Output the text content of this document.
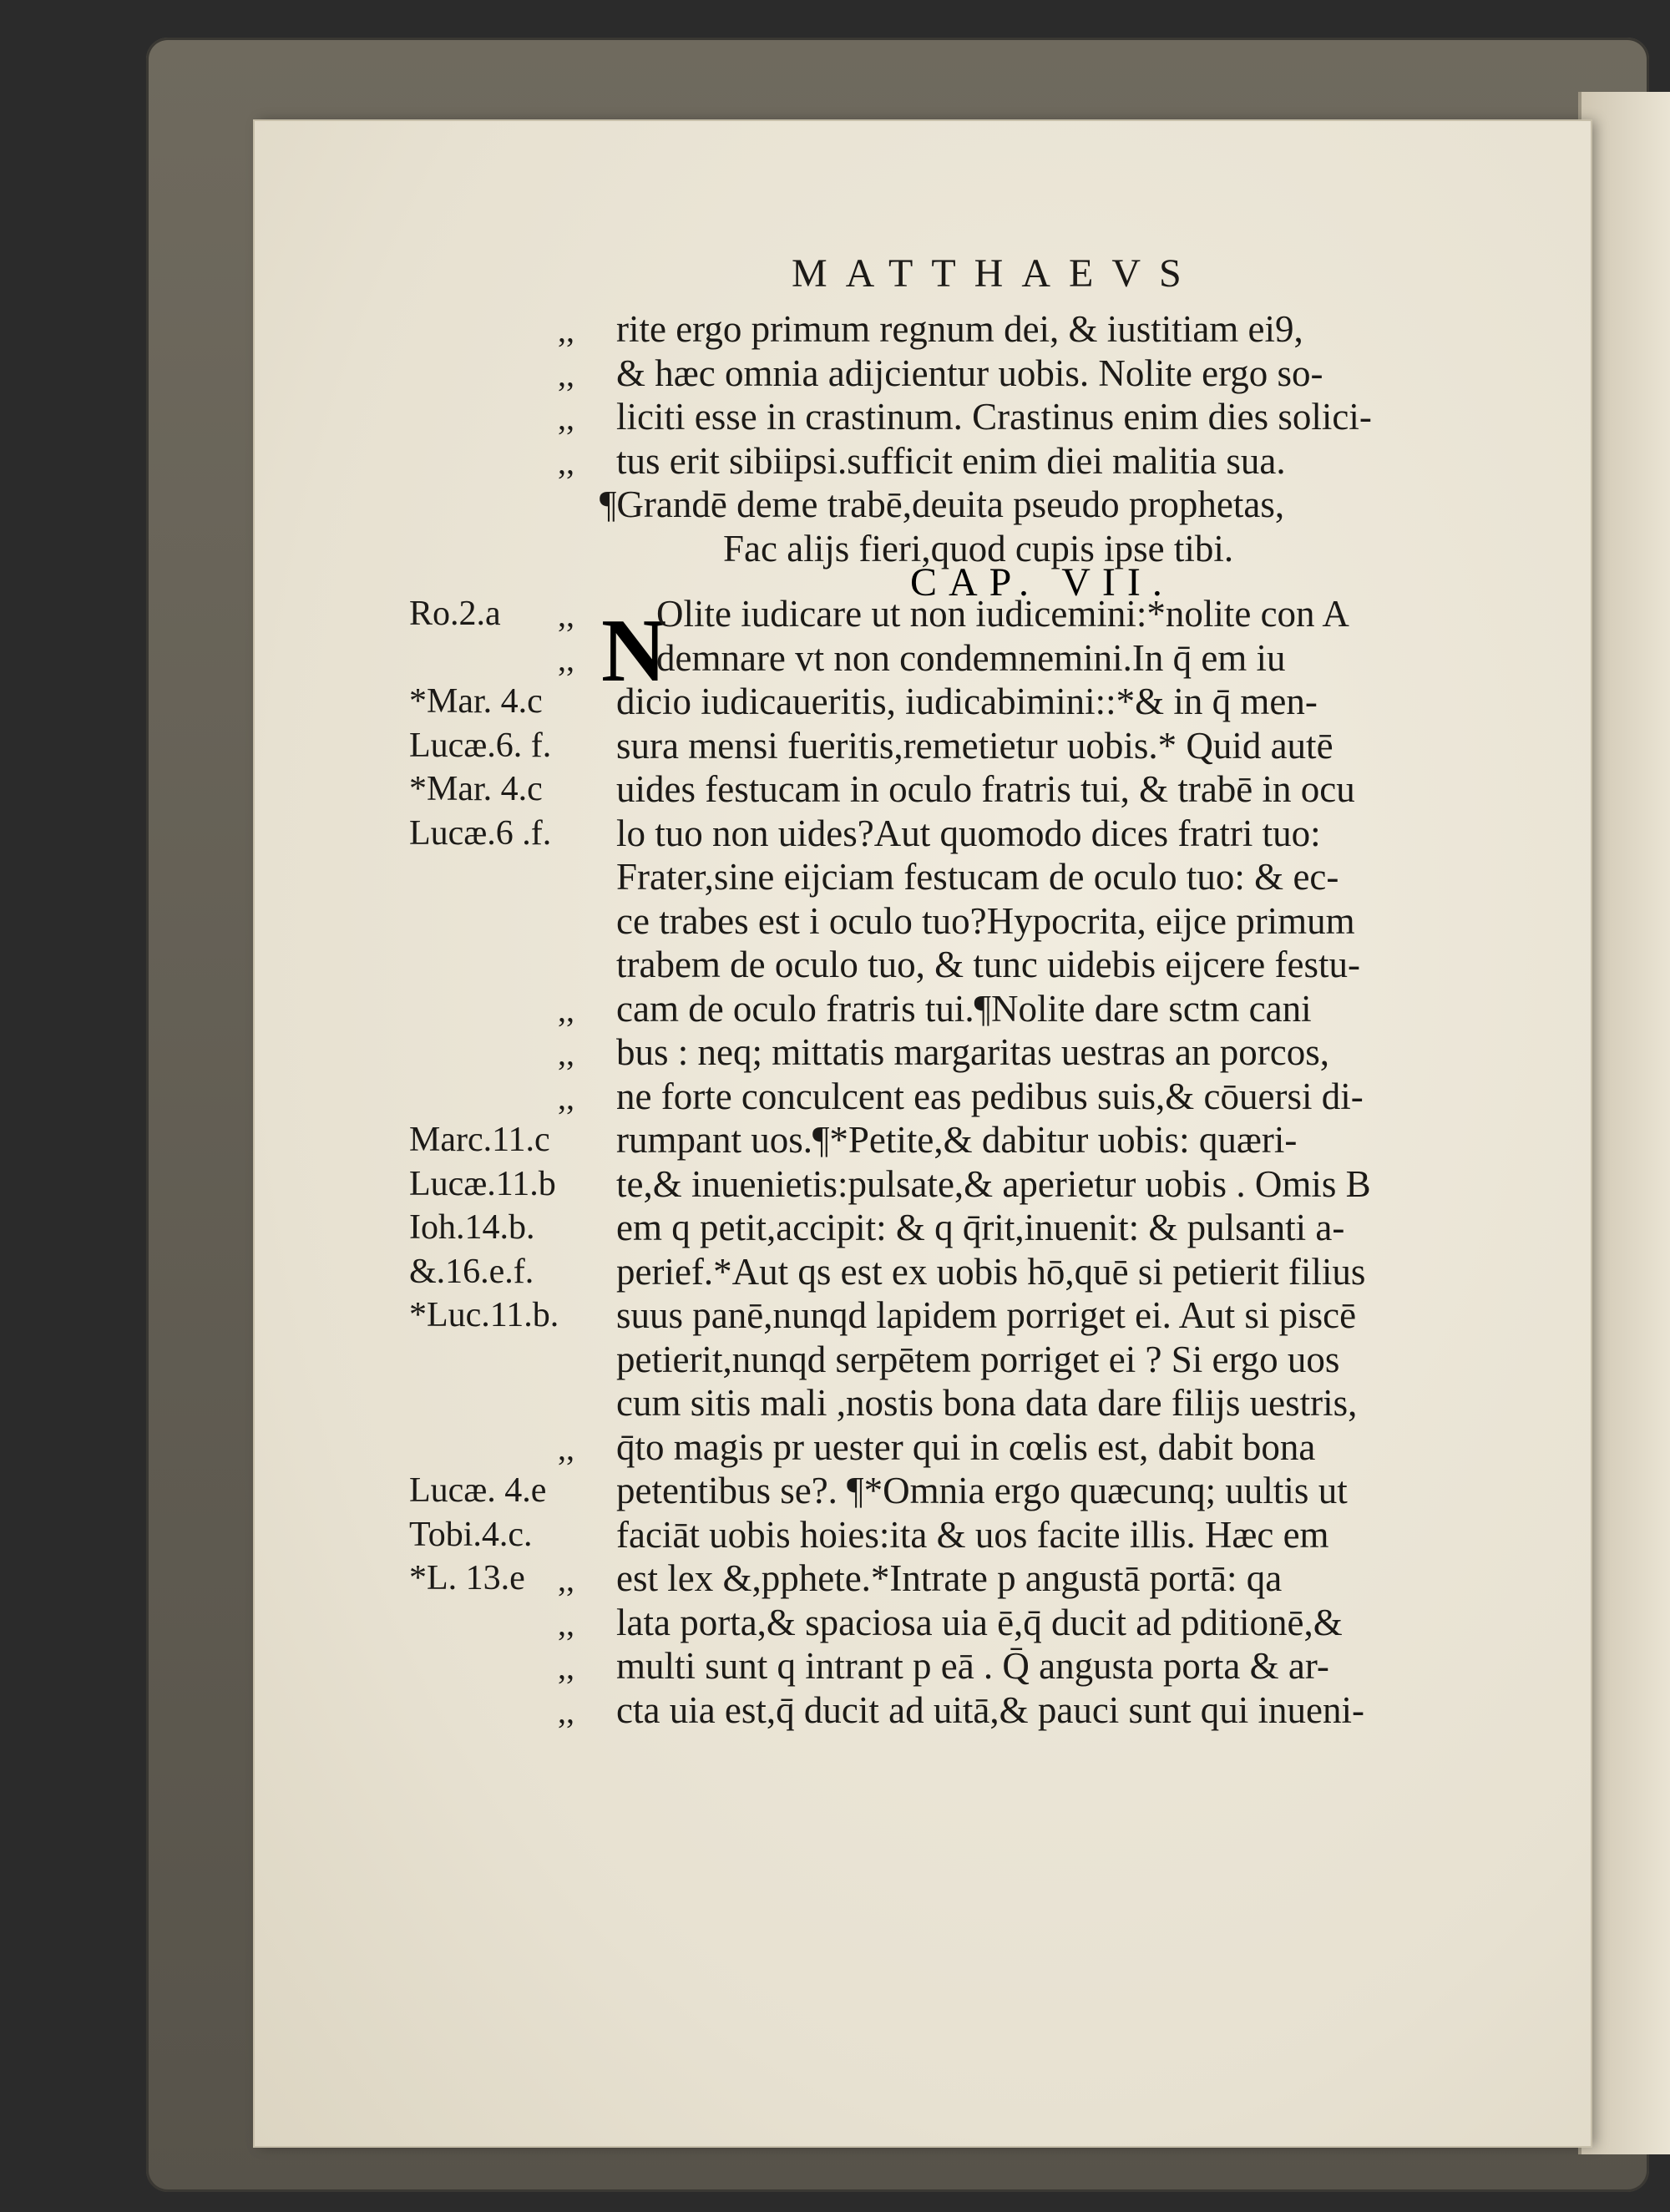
MATTHAEVS
CAP. VII.
N
rite ergo primum regnum dei, & iustitiam ei9,
,,
& hæc omnia adijcientur uobis. Nolite ergo so-
,,
liciti esse in crastinum. Crastinus enim dies solici-
,,
tus erit sibiipsi.sufficit enim diei malitia sua.
,,
¶Grandē deme trabē,deuita pseudo prophetas,
Fac alijs fieri,quod cupis ipse tibi.
Olite iudicare ut non iudicemini:*nolite con A
,,
Ro.2.a
demnare vt non condemnemini.In q̄ em iu
,,
dicio iudicaueritis, iudicabimini::*& in q̄ men-
*Mar. 4.c
sura mensi fueritis,remetietur uobis.* Quid autē
Lucæ.6. f.
uides festucam in oculo fratris tui, & trabē in ocu
*Mar. 4.c
lo tuo non uides?Aut quomodo dices fratri tuo:
Lucæ.6 .f.
Frater,sine eijciam festucam de oculo tuo: & ec-
ce trabes est i oculo tuo?Hypocrita, eijce primum
trabem de oculo tuo, & tunc uidebis eijcere festu-
cam de oculo fratris tui.¶Nolite dare sctm cani
,,
bus : neq; mittatis margaritas uestras an porcos,
,,
ne forte conculcent eas pedibus suis,& cōuersi di-
,,
rumpant uos.¶*Petite,& dabitur uobis: quæri-
Marc.11.c
te,& inuenietis:pulsate,& aperietur uobis . Omis B
Lucæ.11.b
em q petit,accipit: & q q̄rit,inuenit: & pulsanti a-
Ioh.14.b.
perief.*Aut qs est ex uobis hō,quē si petierit filius
&.16.e.f.
suus panē,nunqd lapidem porriget ei. Aut si piscē
*Luc.11.b.
petierit,nunqd serpētem porriget ei ? Si ergo uos
cum sitis mali ,nostis bona data dare filijs uestris,
q̄to magis pr uester qui in cœlis est, dabit bona
,,
petentibus se?. ¶*Omnia ergo quæcunq; uultis ut
Lucæ. 4.e
faciāt uobis hoies:ita & uos facite illis. Hæc em
Tobi.4.c.
est lex &,pphete.*Intrate p angustā portā: qa
,,
*L. 13.e
lata porta,& spaciosa uia ē,q̄ ducit ad pditionē,&
,,
multi sunt q intrant p eā . Q̄ angusta porta & ar-
,,
cta uia est,q̄ ducit ad uitā,& pauci sunt qui inueni-
,,
